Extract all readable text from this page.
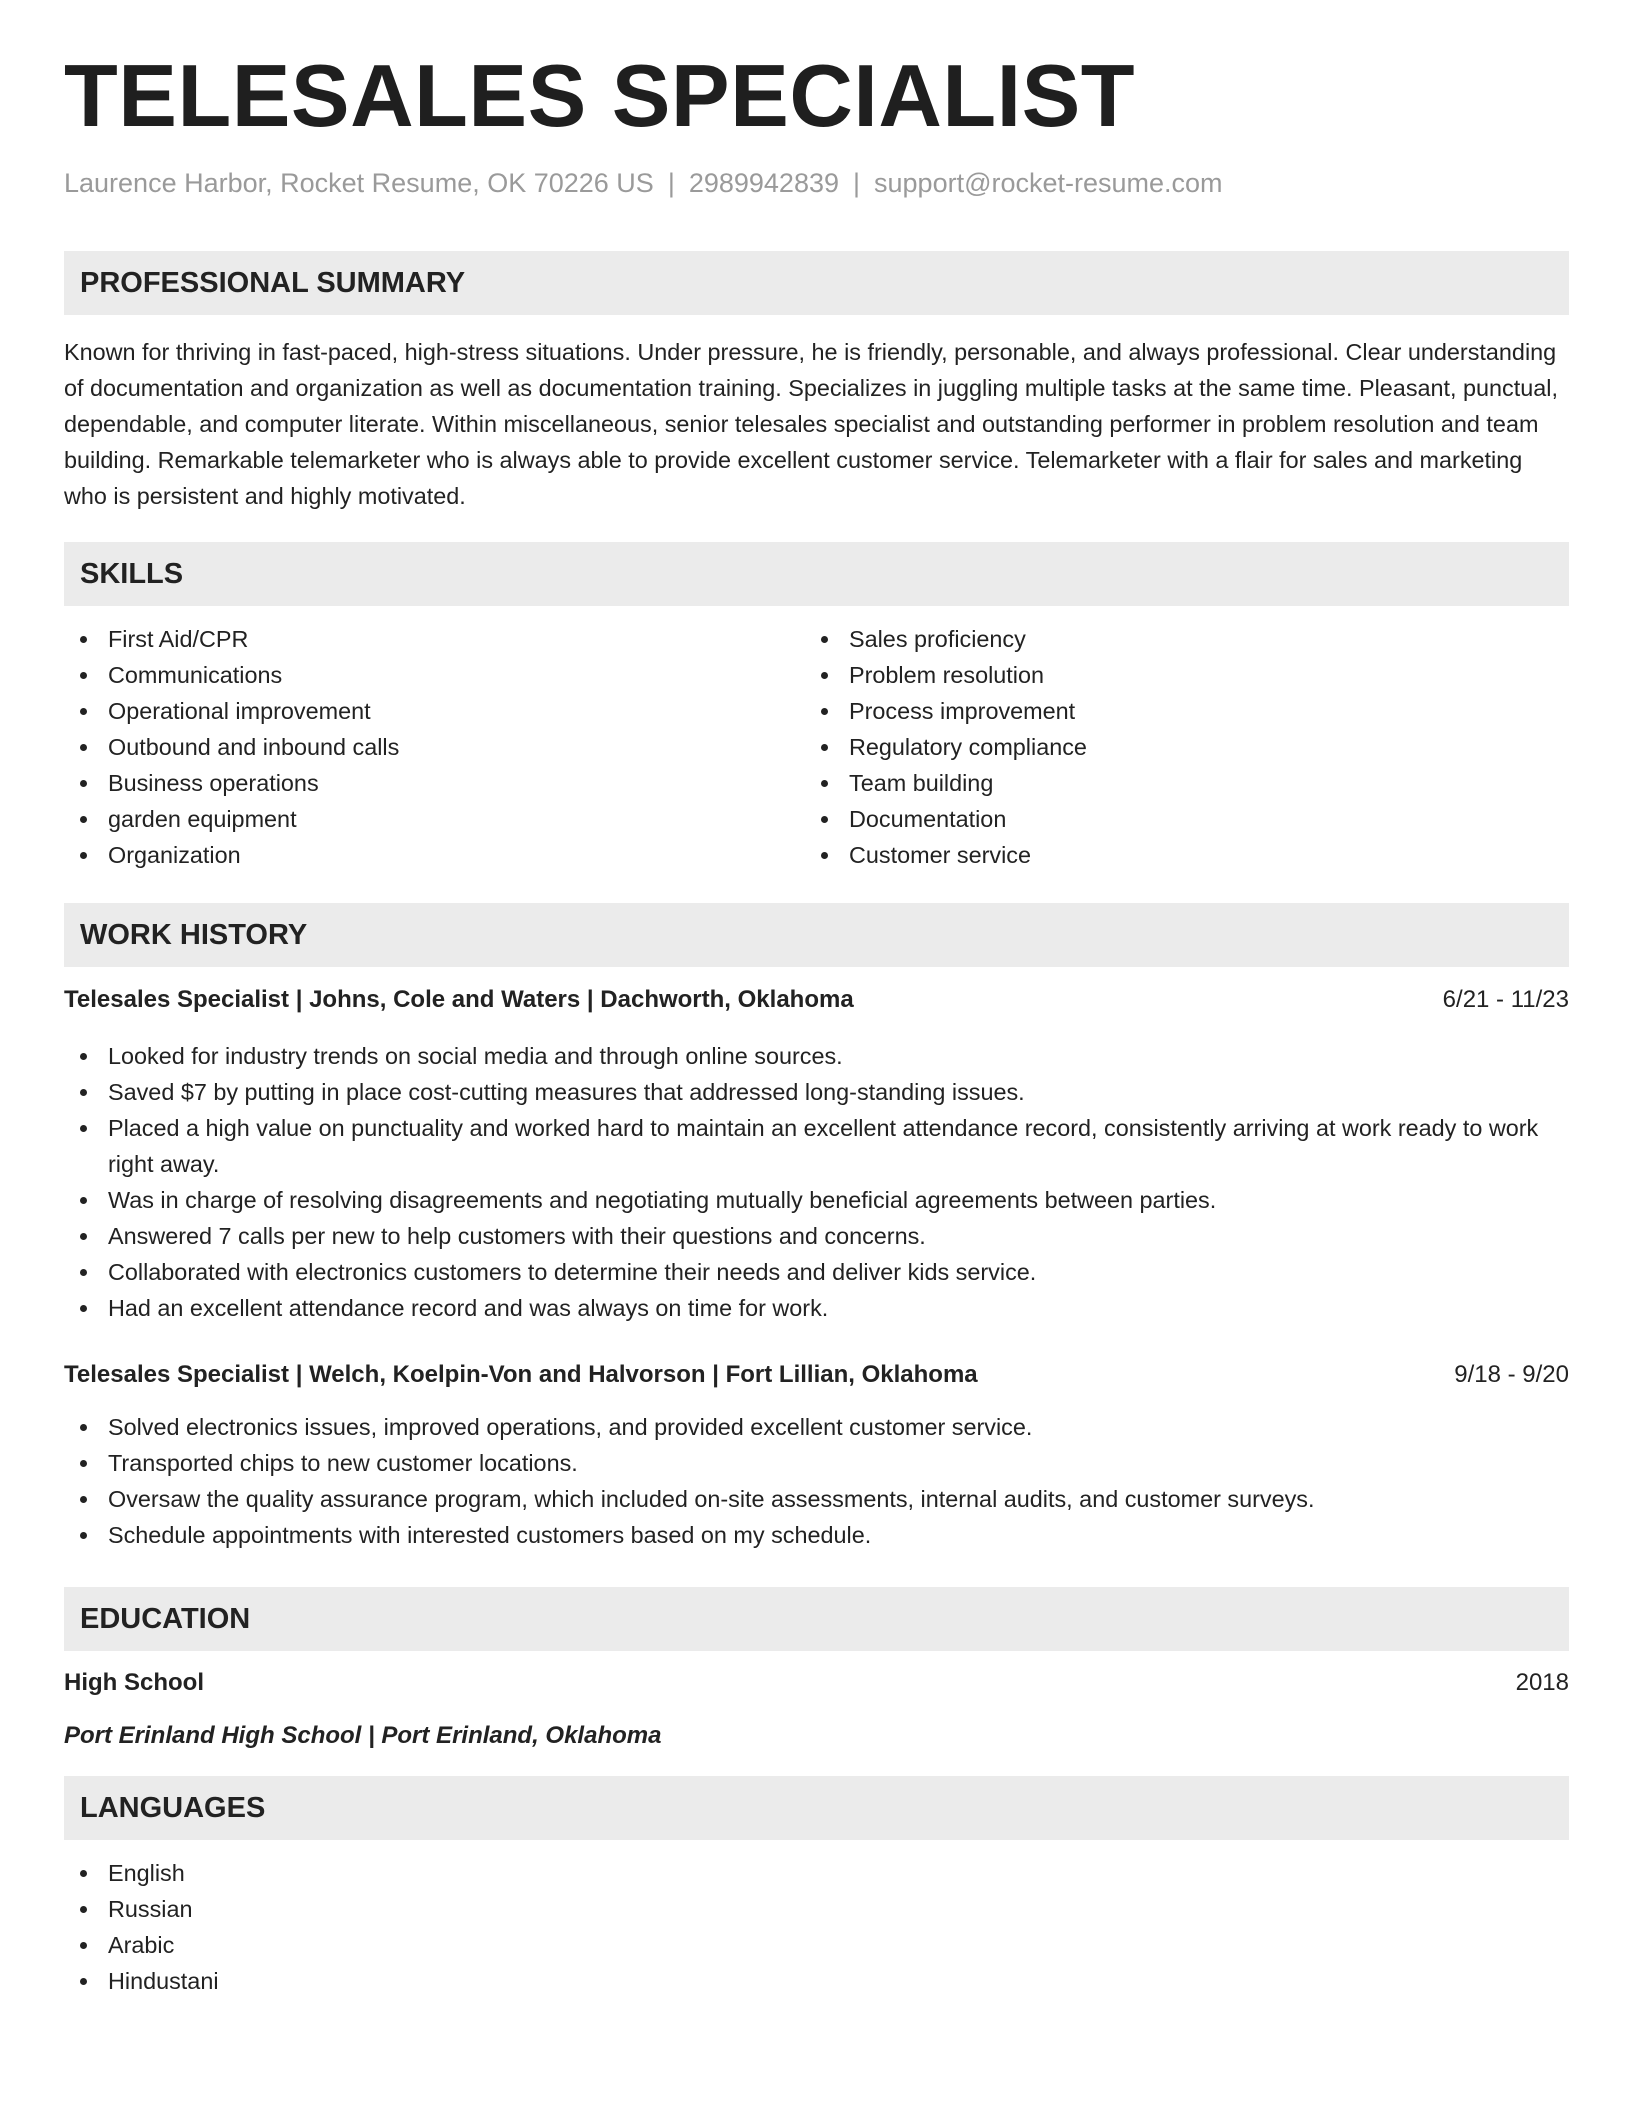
TELESALES SPECIALIST
Laurence Harbor, Rocket Resume, OK 70226 US | 2989942839 | support@rocket-resume.com
PROFESSIONAL SUMMARY

Known for thriving in fast-paced, high-stress situations. Under pressure, he is friendly, personable, and always professional. Clear understanding of documentation and organization as well as documentation training. Specializes in juggling multiple tasks at the same time. Pleasant, punctual, dependable, and computer literate. Within miscellaneous, senior telesales specialist and outstanding performer in problem resolution and team building. Remarkable telemarketer who is always able to provide excellent customer service. Telemarketer with a flair for sales and marketing who is persistent and highly motivated.

SKILLS
First Aid/CPR
Communications
Operational improvement
Outbound and inbound calls
Business operations
garden equipment
Organization
Sales proficiency
Problem resolution
Process improvement
Regulatory compliance
Team building
Documentation
Customer service
WORK HISTORY
Telesales Specialist | Johns, Cole and Waters | Dachworth, Oklahoma	6/21 - 11/23
Looked for industry trends on social media and through online sources.
Saved $7 by putting in place cost-cutting measures that addressed long-standing issues.
Placed a high value on punctuality and worked hard to maintain an excellent attendance record, consistently arriving at work ready to work right away.
Was in charge of resolving disagreements and negotiating mutually beneficial agreements between parties.
Answered 7 calls per new to help customers with their questions and concerns.
Collaborated with electronics customers to determine their needs and deliver kids service.
Had an excellent attendance record and was always on time for work.
Telesales Specialist | Welch, Koelpin-Von and Halvorson | Fort Lillian, Oklahoma	9/18 - 9/20
Solved electronics issues, improved operations, and provided excellent customer service.
Transported chips to new customer locations.
Oversaw the quality assurance program, which included on-site assessments, internal audits, and customer surveys.
Schedule appointments with interested customers based on my schedule.
EDUCATION
High School	2018
Port Erinland High School | Port Erinland, Oklahoma
LANGUAGES
English
Russian
Arabic
Hindustani
